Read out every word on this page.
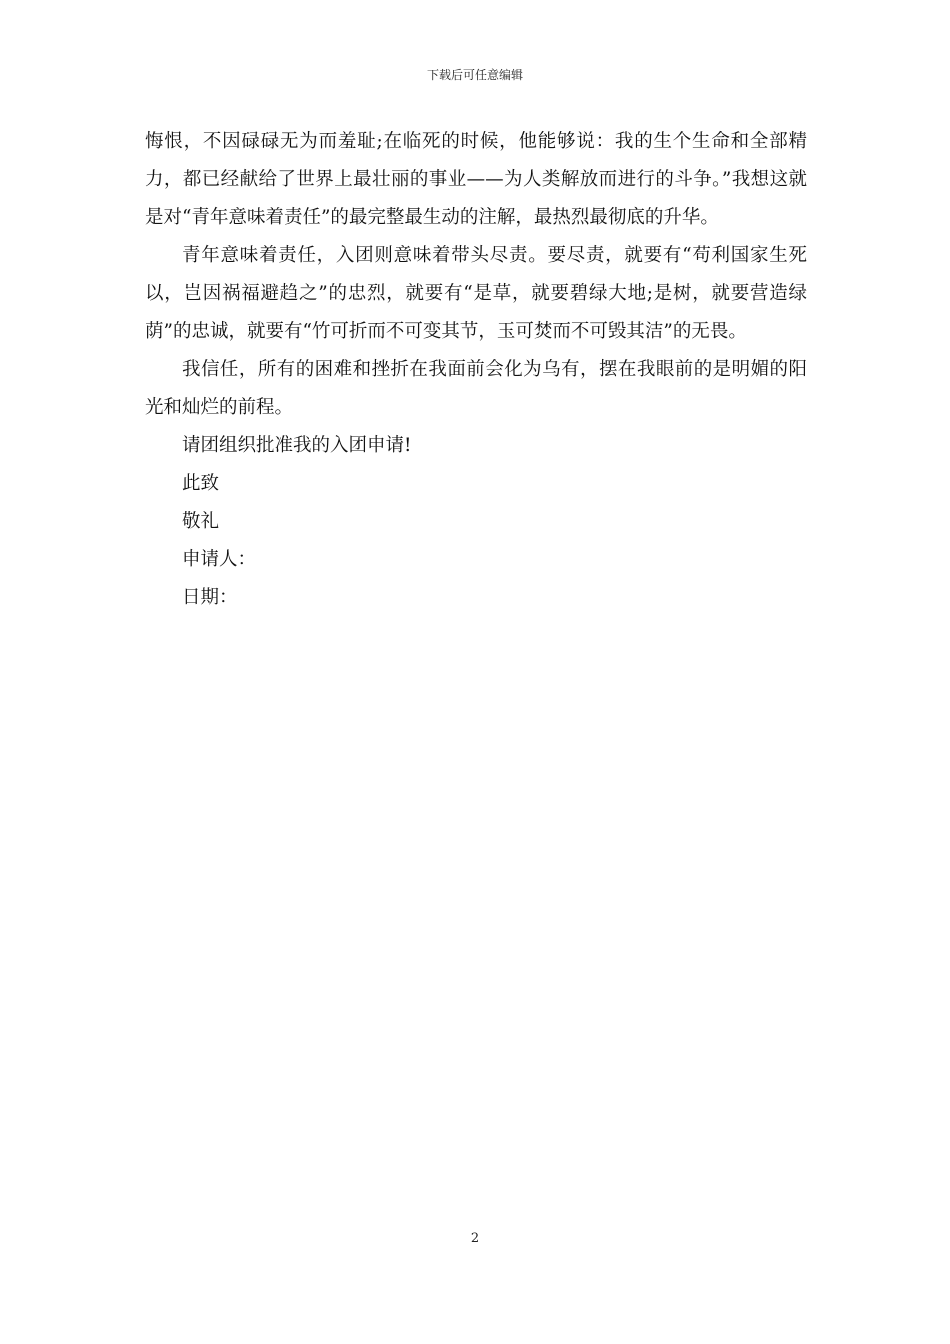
下载后可任意编辑

悔恨，不因碌碌无为而羞耻;在临死的时候，他能够说：我的生个生命和全部精力，都已经献给了世界上最壮丽的事业——为人类解放而进行的斗争。”我想这就是对“青年意味着责任”的最完整最生动的注解，最热烈最彻底的升华。

青年意味着责任，入团则意味着带头尽责。要尽责，就要有“苟利国家生死以，岂因祸福避趋之”的忠烈，就要有“是草，就要碧绿大地;是树，就要营造绿荫”的忠诚，就要有“竹可折而不可变其节，玉可焚而不可毁其洁”的无畏。

我信任，所有的困难和挫折在我面前会化为乌有，摆在我眼前的是明媚的阳光和灿烂的前程。

请团组织批准我的入团申请!

此致

敬礼

申请人：

日期：

2
